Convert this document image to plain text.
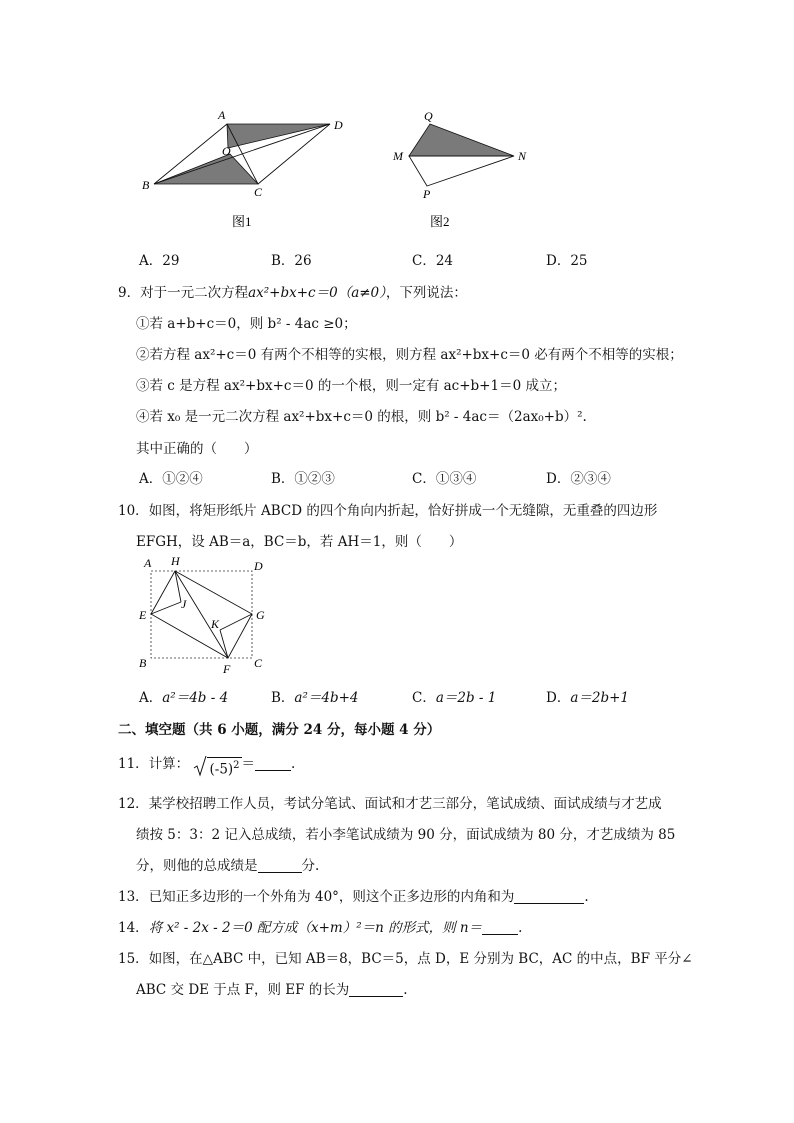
A
D
O
B	C
图1
Q
M	N
P
图2
A．29	B．26	C．24	D．25
9．对于一元二次方程ax²+bx+c＝0（a≠0），下列说法：
①若 a+b+c＝0，则 b² - 4ac ≥0；
②若方程 ax²+c＝0 有两个不相等的实根，则方程 ax²+bx+c＝0 必有两个不相等的实根；
③若 c 是方程 ax²+bx+c＝0 的一个根，则一定有 ac+b+1＝0 成立；
④若 x₀ 是一元二次方程 ax²+bx+c＝0 的根，则 b² - 4ac＝（2ax₀+b）².
其中正确的（　　）
A．①②④	B．①②③	C．①③④	D．②③④
10．如图，将矩形纸片 ABCD 的四个角向内折起，恰好拼成一个无缝隙，无重叠的四边形
EFGH，设 AB＝a，BC＝b，若 AH＝1，则（　　）
A H	D
J
E	G
K
B	F C
A．a²＝4b - 4	B．a²＝4b+4	C．a＝2b - 1	D．a＝2b+1
二、填空题（共 6 小题，满分 24 分，每小题 4 分）
11．计算： $(-5)^2$ ＝	.
12．某学校招聘工作人员，考试分笔试、面试和才艺三部分，笔试成绩、面试成绩与才艺成
绩按 5：3：2 记入总成绩，若小李笔试成绩为 90 分，面试成绩为 80 分，才艺成绩为 85
分，则他的总成绩是	分.
13．已知正多边形的一个外角为 40°，则这个正多边形的内角和为	.
14．将 x² - 2x - 2＝0 配方成（x+m）²＝n 的形式，则 n＝	.
15．如图，在△ABC 中，已知 AB＝8，BC＝5，点 D，E 分别为 BC，AC 的中点，BF 平分∠
ABC 交 DE 于点 F，则 EF 的长为	.
